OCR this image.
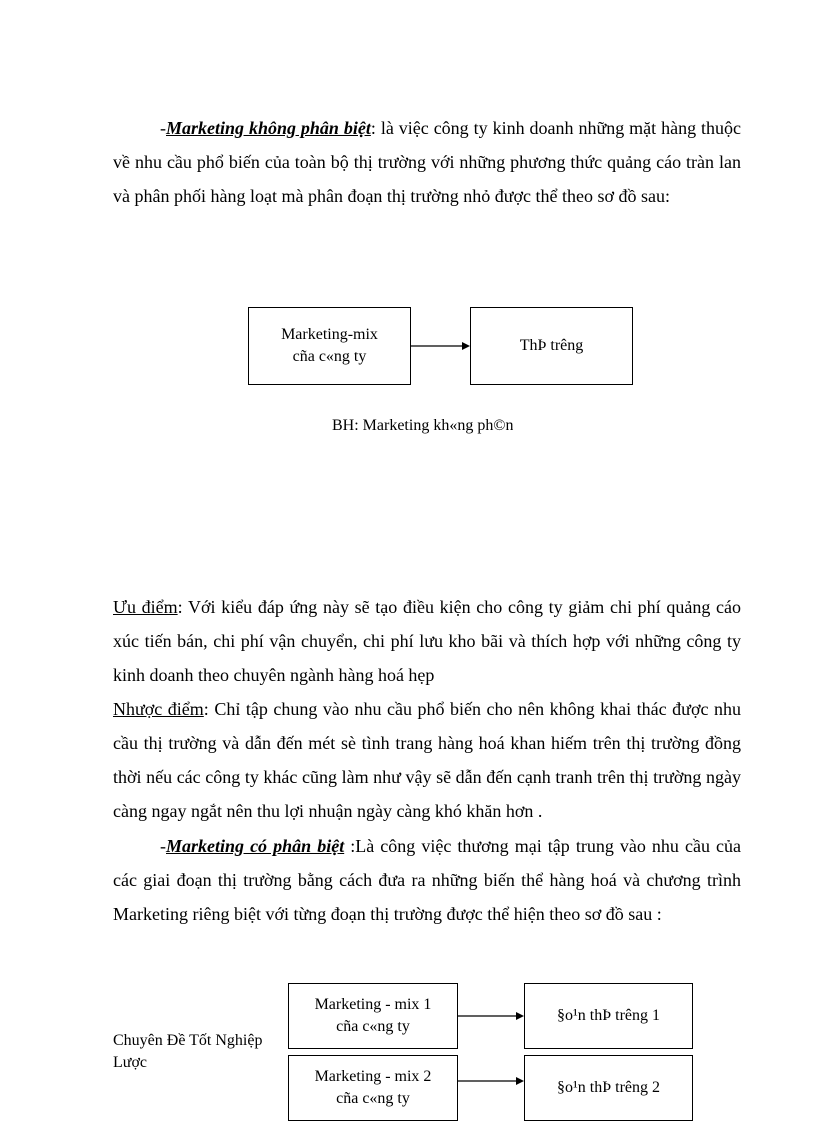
-Marketing không phân biệt: là việc công ty kinh doanh những mặt hàng thuộc về nhu cầu phổ biến của toàn bộ thị trường với những phương thức quảng cáo tràn lan và phân phối hàng loạt mà phân đoạn thị trường nhỏ được thể theo sơ đồ sau:

Marketing-mix
cña c«ng ty
ThÞ trêng
BH: Marketing kh«ng ph©n

Ưu điểm: Với kiểu đáp ứng này sẽ tạo điều kiện cho công ty giảm chi phí quảng cáo xúc tiến bán, chi phí vận chuyển, chi phí lưu kho bãi và thích hợp với những công ty kinh doanh theo chuyên ngành hàng hoá hẹp
Nhược điểm: Chỉ tập chung vào nhu cầu phổ biến cho nên không khai thác được nhu cầu thị trường và dẫn đến mét sè tình trang hàng hoá khan hiếm trên thị trường đồng thời nếu các công ty khác cũng làm như vậy sẽ dẫn đến cạnh tranh trên thị trường ngày càng ngay ngắt nên thu lợi nhuận ngày càng khó khăn hơn .

-Marketing có phân biệt :Là công việc thương mại tập trung vào nhu cầu của các giai đoạn thị trường bằng cách đưa ra những biến thể hàng hoá và chương trình Marketing riêng biệt với từng đoạn thị trường được thể hiện theo sơ đồ sau :

Marketing - mix 1
cña c«ng ty
§o¹n thÞ trêng 1
Marketing - mix 2
cña c«ng ty
§o¹n thÞ trêng 2
Chuyên Đề Tốt Nghiệp
Lược
